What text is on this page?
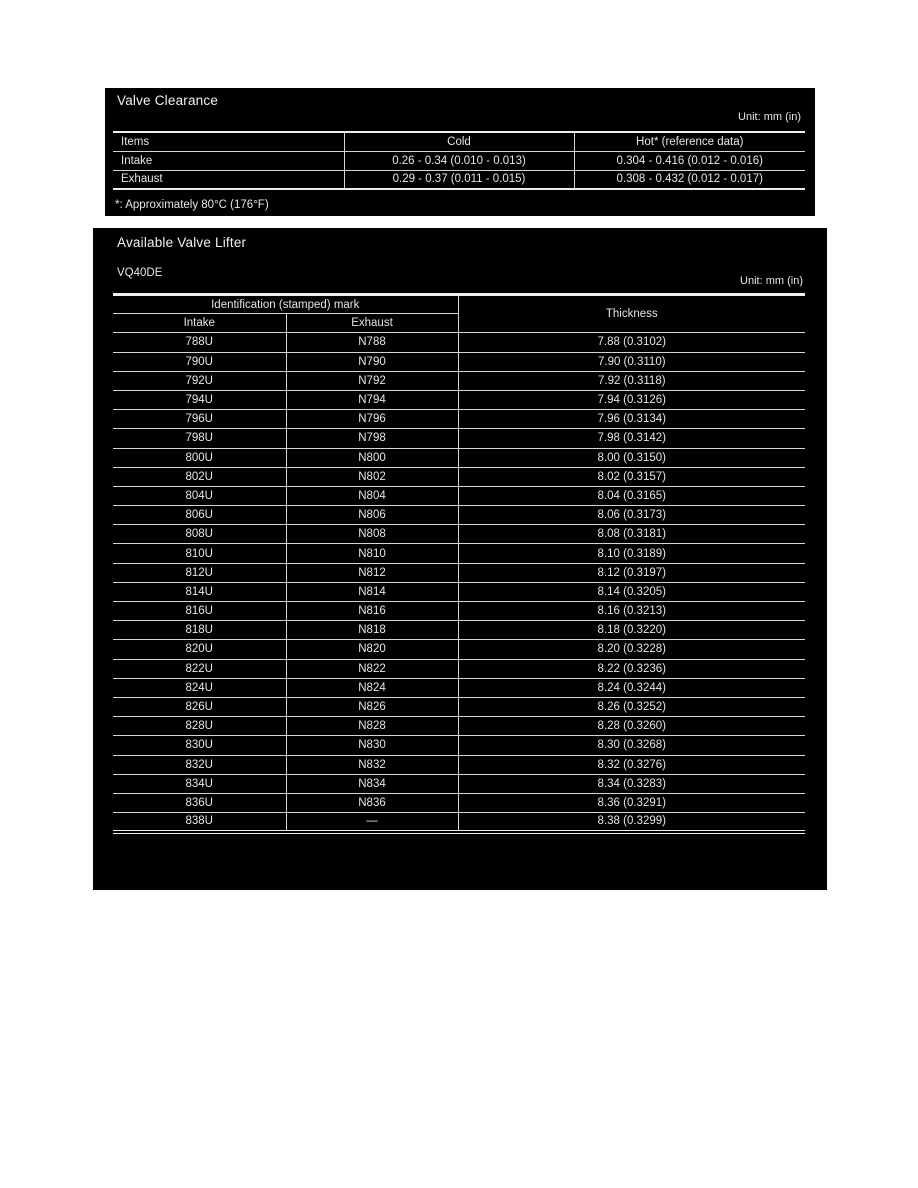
Valve Clearance
Unit: mm (in)
Items	Cold	Hot* (reference data)
Intake	0.26 - 0.34 (0.010 - 0.013)	0.304 - 0.416 (0.012 - 0.016)
Exhaust	0.29 - 0.37 (0.011 - 0.015)	0.308 - 0.432 (0.012 - 0.017)
*: Approximately 80°C (176°F)
Available Valve Lifter
VQ40DE
Unit: mm (in)
Identification (stamped) mark		Thickness
Intake	Exhaust	
788U	N788	7.88 (0.3102)
790U	N790	7.90 (0.3110)
792U	N792	7.92 (0.3118)
794U	N794	7.94 (0.3126)
796U	N796	7.96 (0.3134)
798U	N798	7.98 (0.3142)
800U	N800	8.00 (0.3150)
802U	N802	8.02 (0.3157)
804U	N804	8.04 (0.3165)
806U	N806	8.06 (0.3173)
808U	N808	8.08 (0.3181)
810U	N810	8.10 (0.3189)
812U	N812	8.12 (0.3197)
814U	N814	8.14 (0.3205)
816U	N816	8.16 (0.3213)
818U	N818	8.18 (0.3220)
820U	N820	8.20 (0.3228)
822U	N822	8.22 (0.3236)
824U	N824	8.24 (0.3244)
826U	N826	8.26 (0.3252)
828U	N828	8.28 (0.3260)
830U	N830	8.30 (0.3268)
832U	N832	8.32 (0.3276)
834U	N834	8.34 (0.3283)
836U	N836	8.36 (0.3291)
838U	—	8.38 (0.3299)
